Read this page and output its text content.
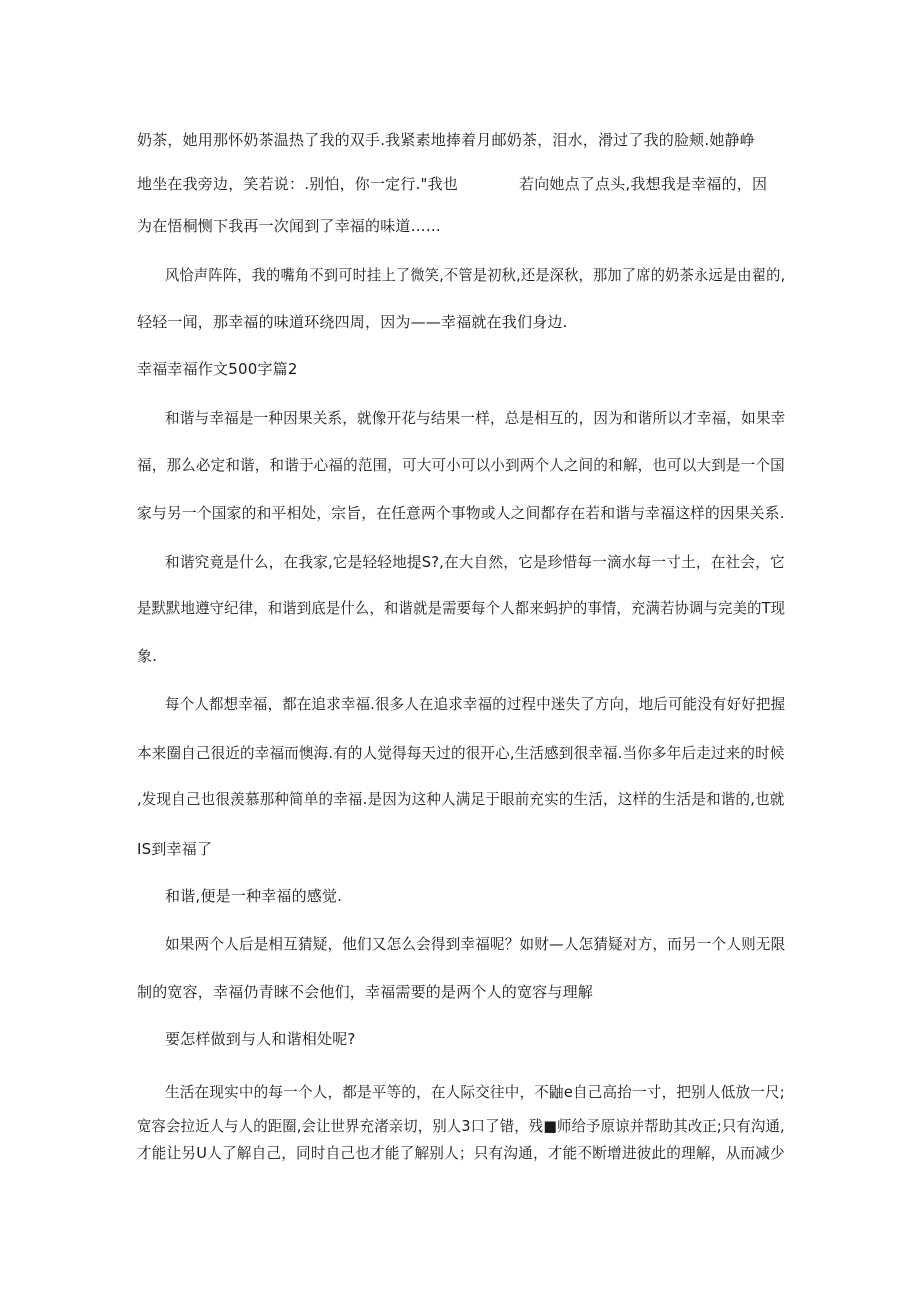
奶茶，她用那怀奶茶温热了我的双手.我紧素地捧着月邮奶茶，泪水，滑过了我的脸颊.她静峥
地坐在我旁边，笑若说：.别怕，你一定行."我也	若向她点了点头,我想我是幸福的，因
为在悟桐恻下我再一次闻到了幸福的味道……
风恰声阵阵，我的嘴角不到可时挂上了微笑,不管是初秋,还是深秋，那加了席的奶茶永远是由翟的,
轻轻一闻，那幸福的味道环绕四周，因为——幸福就在我们身边.
幸福幸福作文500字篇2
和谐与幸福是一种因果关系，就像开花与结果一样，总是相互的，因为和谐所以才幸福，如果幸
福，那么必定和谐，和谐于心福的范围，可大可小可以小到两个人之间的和解，也可以大到是一个国
家与另一个国家的和平相处，宗旨，在任意两个事物或人之间都存在若和谐与幸福这样的因果关系.
和谐究竟是什么，在我家,它是轻轻地提S?,在大自然，它是珍惜每一滴水每一寸土，在社会，它
是默默地遵守纪律，和谐到底是什么，和谐就是需要每个人都来蚂护的事情，充满若协调与完美的T现
象.
每个人都想幸福，都在追求幸福.很多人在追求幸福的过程中迷失了方向，地后可能没有好好把握
本来圈自己很近的幸福而懊海.有的人觉得每天过的很开心,生活感到很幸福.当你多年后走过来的时候
,发现自己也很羡慕那种简单的幸福.是因为这种人满足于眼前充实的生活，这样的生活是和谐的,也就
IS到幸福了
和谐,便是一种幸福的感觉.
如果两个人后是相互猜疑，他们又怎么会得到幸福呢？如财—人怎猜疑对方，而另一个人则无限
制的宽容，幸福仍青睐不会他们，幸福需要的是两个人的宽容与理解
要怎样做到与人和谐相处呢?
生活在现实中的每一个人，都是平等的，在人际交往中，不鼬e自己高抬一寸，把别人低放一尺;
宽容会拉近人与人的距圈,会让世界充渚亲切，别人3口了错，残■师给予原谅并帮助其改正;只有沟通,
才能让另U人了解自己，同时自己也才能了解别人；只有沟通，才能不断增进彼此的理解，从而减少
